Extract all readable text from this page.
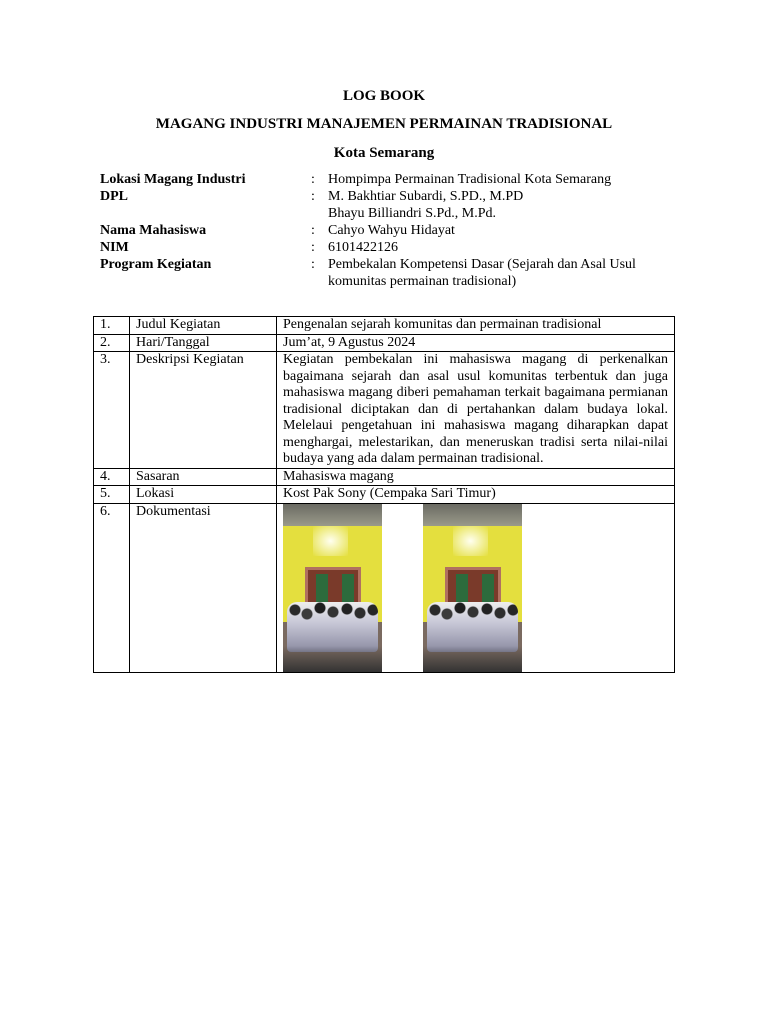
LOG BOOK
MAGANG INDUSTRI MANAJEMEN PERMAINAN TRADISIONAL
Kota Semarang
Lokasi Magang Industri	: Hompimpa Permainan Tradisional Kota Semarang
DPL	: M. Bakhtiar Subardi, S.PD., M.PD
Bhayu Billiandri S.Pd., M.Pd.
Nama Mahasiswa	: Cahyo Wahyu Hidayat
NIM	: 6101422126
Program Kegiatan	: Pembekalan Kompetensi Dasar (Sejarah dan Asal Usul komunitas permainan tradisional)
1.	Judul Kegiatan	Pengenalan sejarah komunitas dan permainan tradisional
2.	Hari/Tanggal	Jum’at, 9 Agustus 2024
3.	Deskripsi Kegiatan	Kegiatan pembekalan ini mahasiswa magang di perkenalkan bagaimana sejarah dan asal usul komunitas terbentuk dan juga mahasiswa magang diberi pemahaman terkait bagaimana permianan tradisional diciptakan dan di pertahankan dalam budaya lokal. Melelaui pengetahuan ini mahasiswa magang diharapkan dapat menghargai, melestarikan, dan meneruskan tradisi serta nilai-nilai budaya yang ada dalam permainan tradisional.
4.	Sasaran	Mahasiswa magang
5.	Lokasi	Kost Pak Sony (Cempaka Sari Timur)
6.	Dokumentasi	
